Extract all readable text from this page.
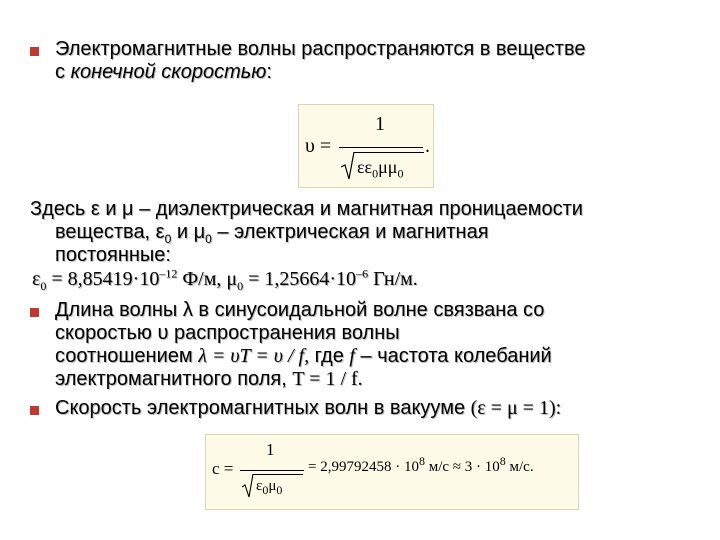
Электромагнитные волны распространяются в веществе
с конечной скоростью:
υ =
1
$\varepsilon\varepsilon_0\mu\mu_0$
.
Здесь ε и μ – диэлектрическая и магнитная проницаемости
вещества, $\varepsilon_0$ и $\mu_0$ – электрическая и магнитная
постоянные:
$\varepsilon_0 = 8,85419\cdot 10^{-12}$ Ф/м, $\mu_0 = 1,25664\cdot 10^{-6}$ Гн/м.
Длина волны λ в синусоидальной волне связвана со
скоростью υ распространения волны
соотношением λ = υT = υ / f, где f – частота колебаний
электромагнитного поля, T = 1 / f.
Скорость электромагнитных волн в вакууме (ε = μ = 1):
c =
1
$\varepsilon_0\mu_0$
= $2,99792458 \cdot 10^8$ $м/с \approx 3 \cdot 10^8$ м/с.
